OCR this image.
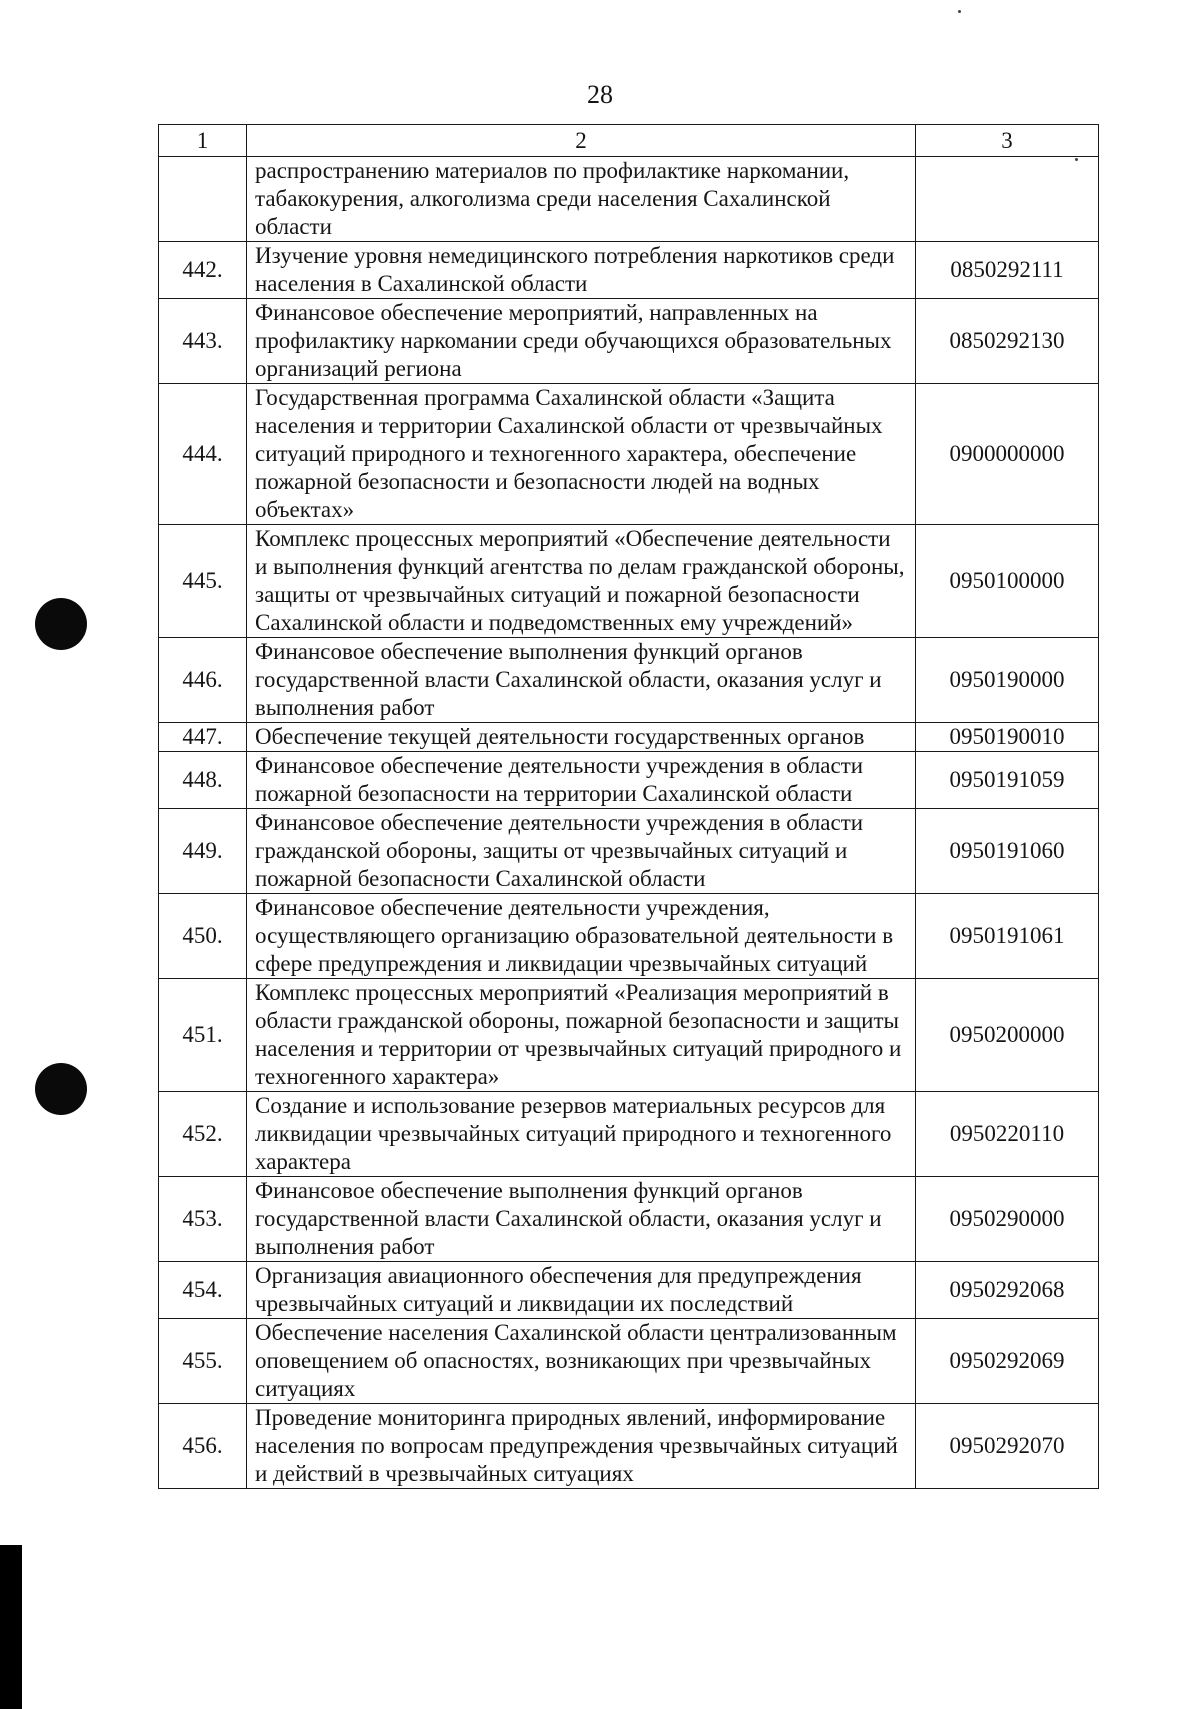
28
1	2	3
	распространению материалов по профилактике наркомании, табакокурения, алкоголизма среди населения Сахалинской области	
442.	Изучение уровня немедицинского потребления наркотиков среди населения в Сахалинской области	0850292111
443.	Финансовое обеспечение мероприятий, направленных на профилактику наркомании среди обучающихся образовательных организаций региона	0850292130
444.	Государственная программа Сахалинской области «Защита населения и территории Сахалинской области от чрезвычайных ситуаций природного и техногенного характера, обеспечение пожарной безопасности и безопасности людей на водных объектах»	0900000000
445.	Комплекс процессных мероприятий «Обеспечение деятельности и выполнения функций агентства по делам гражданской обороны, защиты от чрезвычайных ситуаций и пожарной безопасности Сахалинской области и подведомственных ему учреждений»	0950100000
446.	Финансовое обеспечение выполнения функций органов государственной власти Сахалинской области, оказания услуг и выполнения работ	0950190000
447.	Обеспечение текущей деятельности государственных органов	0950190010
448.	Финансовое обеспечение деятельности учреждения в области пожарной безопасности на территории Сахалинской области	0950191059
449.	Финансовое обеспечение деятельности учреждения в области гражданской обороны, защиты от чрезвычайных ситуаций и пожарной безопасности Сахалинской области	0950191060
450.	Финансовое обеспечение деятельности учреждения, осуществляющего организацию образовательной деятельности в сфере предупреждения и ликвидации чрезвычайных ситуаций	0950191061
451.	Комплекс процессных мероприятий «Реализация мероприятий в области гражданской обороны, пожарной безопасности и защиты населения и территории от чрезвычайных ситуаций природного и техногенного характера»	0950200000
452.	Создание и использование резервов материальных ресурсов для ликвидации чрезвычайных ситуаций природного и техногенного характера	0950220110
453.	Финансовое обеспечение выполнения функций органов государственной власти Сахалинской области, оказания услуг и выполнения работ	0950290000
454.	Организация авиационного обеспечения для предупреждения чрезвычайных ситуаций и ликвидации их последствий	0950292068
455.	Обеспечение населения Сахалинской области централизованным оповещением об опасностях, возникающих при чрезвычайных ситуациях	0950292069
456.	Проведение мониторинга природных явлений, информирование населения по вопросам предупреждения чрезвычайных ситуаций и действий в чрезвычайных ситуациях	0950292070
